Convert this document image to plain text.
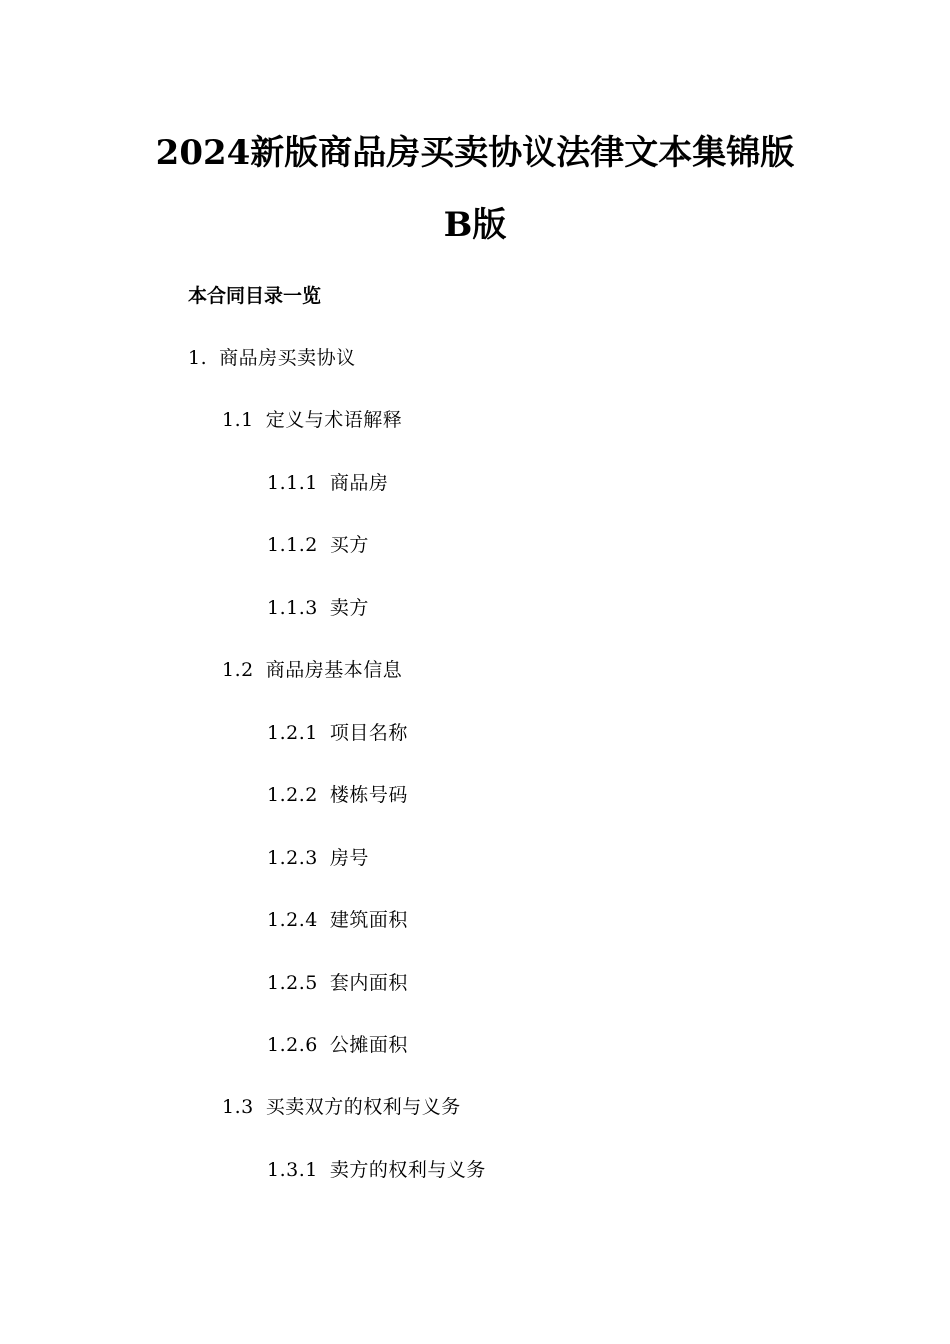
2024新版商品房买卖协议法律文本集锦版
B版
本合同目录一览
1. 商品房买卖协议
1.1 定义与术语解释
1.1.1 商品房
1.1.2 买方
1.1.3 卖方
1.2 商品房基本信息
1.2.1 项目名称
1.2.2 楼栋号码
1.2.3 房号
1.2.4 建筑面积
1.2.5 套内面积
1.2.6 公摊面积
1.3 买卖双方的权利与义务
1.3.1 卖方的权利与义务
